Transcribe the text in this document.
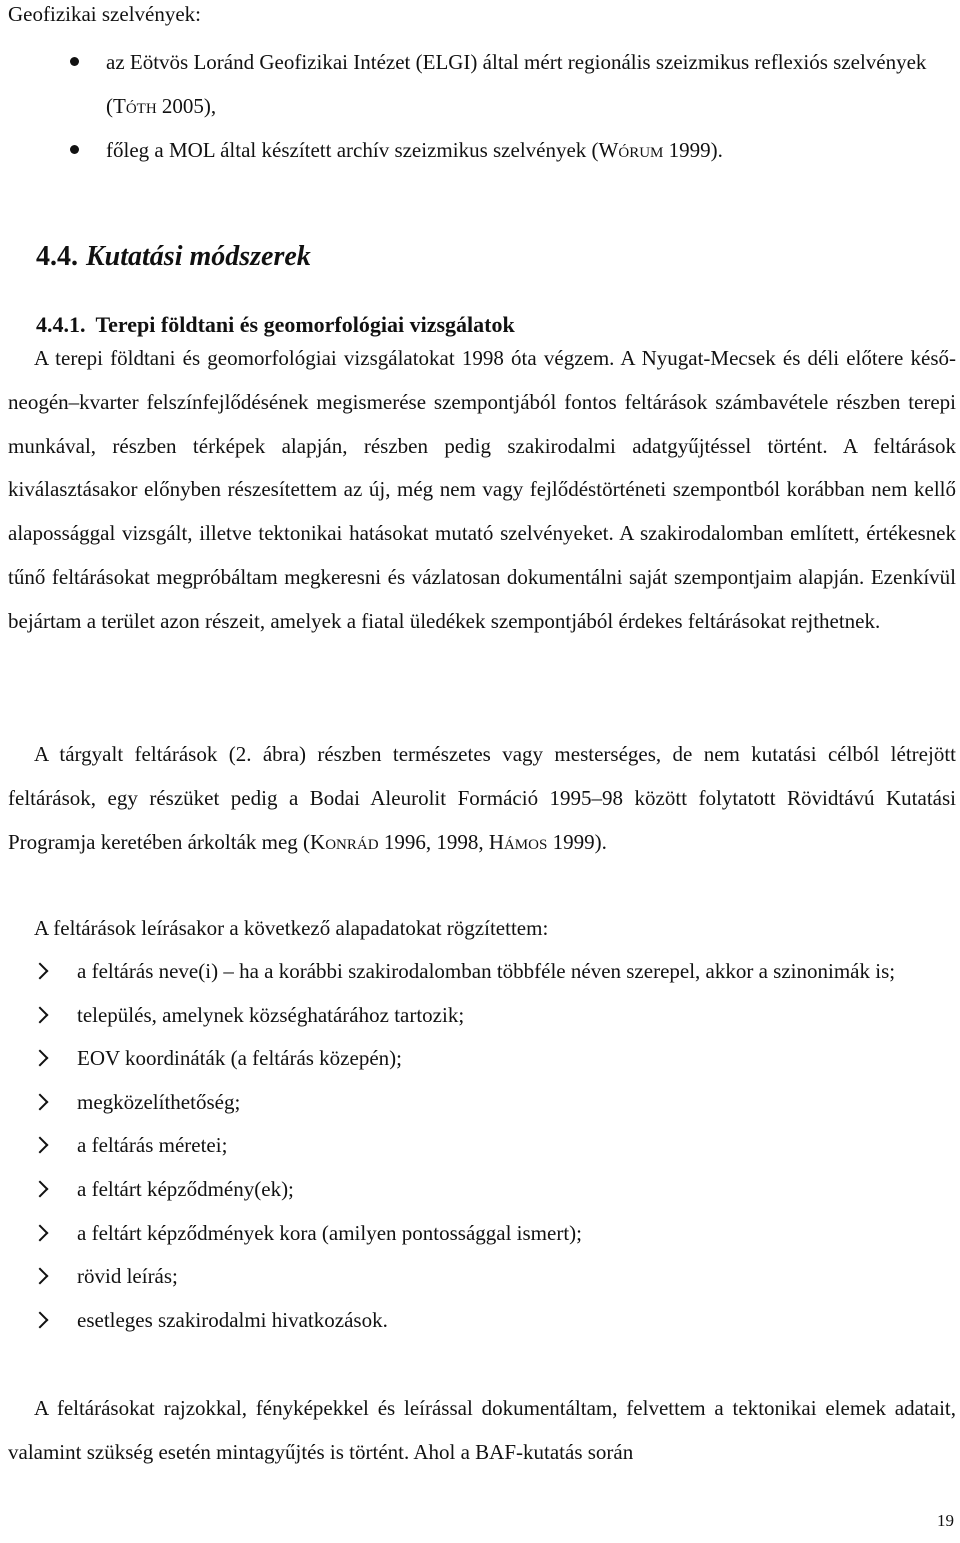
Geofizikai szelvények:

az Eötvös Loránd Geofizikai Intézet (ELGI) által mért regionális szeizmikus reflexiós szelvények (Tóth 2005),
főleg a MOL által készített archív szeizmikus szelvények (Wórum 1999).
4.4. Kutatási módszerek
4.4.1. Terepi földtani és geomorfológiai vizsgálatok

A terepi földtani és geomorfológiai vizsgálatokat 1998 óta végzem. A Nyugat-Mecsek és déli előtere késő-neogén–kvarter felszínfejlődésének megismerése szempontjából fontos feltárások számbavétele részben terepi munkával, részben térképek alapján, részben pedig szakirodalmi adatgyűjtéssel történt. A feltárások kiválasztásakor előnyben részesítettem az új, még nem vagy fejlődéstörténeti szempontból korábban nem kellő alapossággal vizsgált, illetve tektonikai hatásokat mutató szelvényeket. A szakirodalomban említett, értékesnek tűnő feltárásokat megpróbáltam megkeresni és vázlatosan dokumentálni saját szempontjaim alapján. Ezenkívül bejártam a terület azon részeit, amelyek a fiatal üledékek szempontjából érdekes feltárásokat rejthetnek.

A tárgyalt feltárások (2. ábra) részben természetes vagy mesterséges, de nem kutatási célból létrejött feltárások, egy részüket pedig a Bodai Aleurolit Formáció 1995–98 között folytatott Rövidtávú Kutatási Programja keretében árkolták meg (Konrád 1996, 1998, Hámos 1999).

A feltárások leírásakor a következő alapadatokat rögzítettem:

a feltárás neve(i) – ha a korábbi szakirodalomban többféle néven szerepel, akkor a szinonimák is;
település, amelynek községhatárához tartozik;
EOV koordináták (a feltárás közepén);
megközelíthetőség;
a feltárás méretei;
a feltárt képződmény(ek);
a feltárt képződmények kora (amilyen pontossággal ismert);
rövid leírás;
esetleges szakirodalmi hivatkozások.

A feltárásokat rajzokkal, fényképekkel és leírással dokumentáltam, felvettem a tektonikai elemek adatait, valamint szükség esetén mintagyűjtés is történt. Ahol a BAF-kutatás során

19
